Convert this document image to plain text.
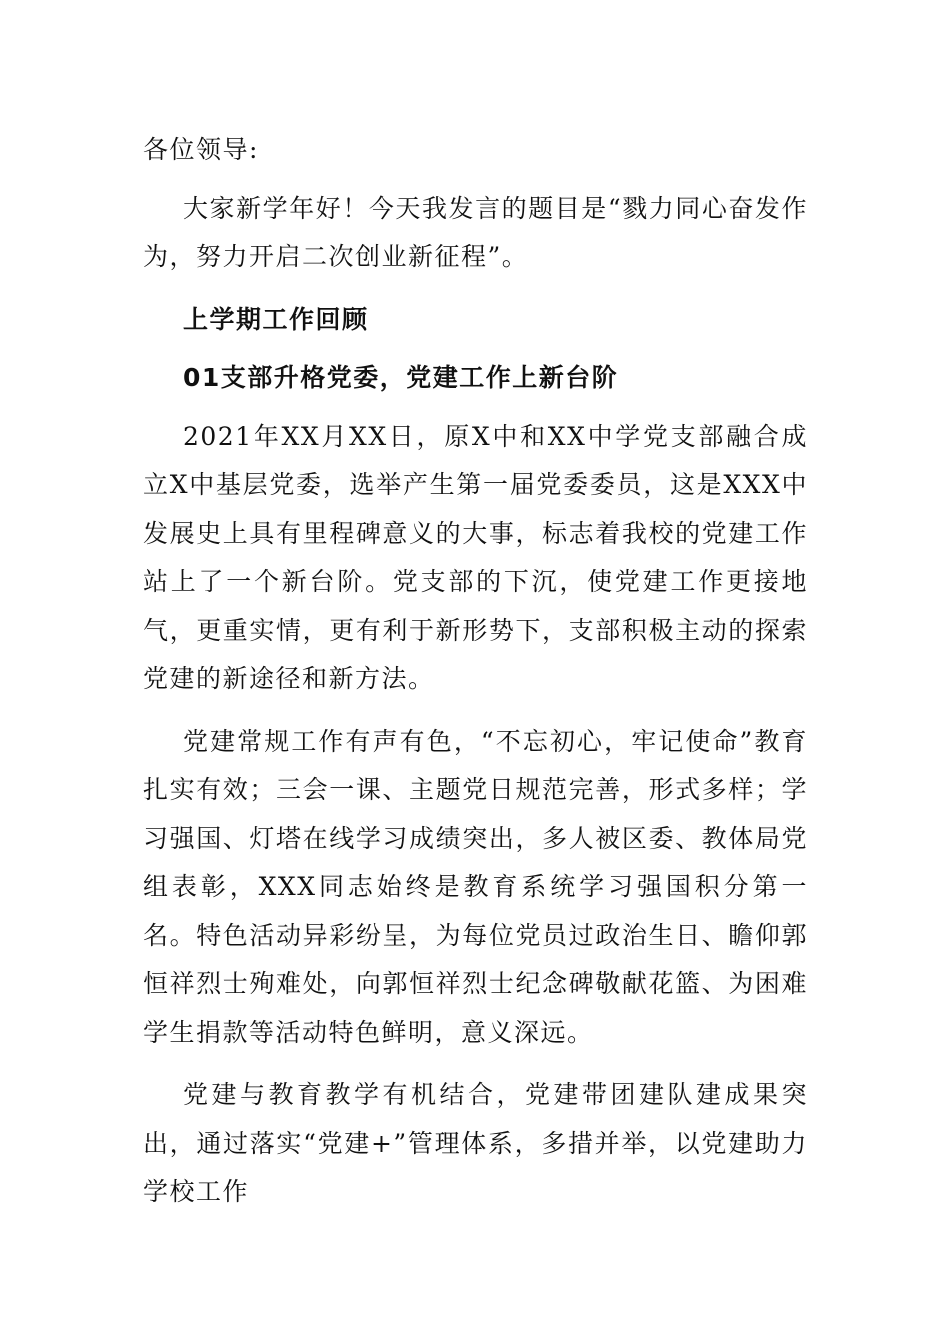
各位领导:

大家新学年好！今天我发言的题目是“戮力同心奋发作为，努力开启二次创业新征程”。

上学期工作回顾

01支部升格党委，党建工作上新台阶

2021年XX月XX日，原X中和XX中学党支部融合成立X中基层党委，选举产生第一届党委委员，这是XXX中发展史上具有里程碑意义的大事，标志着我校的党建工作站上了一个新台阶。党支部的下沉，使党建工作更接地气，更重实情，更有利于新形势下，支部积极主动的探索党建的新途径和新方法。

党建常规工作有声有色，“不忘初心，牢记使命”教育扎实有效；三会一课、主题党日规范完善，形式多样；学习强国、灯塔在线学习成绩突出，多人被区委、教体局党组表彰，XXX同志始终是教育系统学习强国积分第一名。特色活动异彩纷呈，为每位党员过政治生日、瞻仰郭恒祥烈士殉难处，向郭恒祥烈士纪念碑敬献花篮、为困难学生捐款等活动特色鲜明，意义深远。

党建与教育教学有机结合，党建带团建队建成果突出，通过落实“党建+”管理体系，多措并举，以党建助力学校工作
